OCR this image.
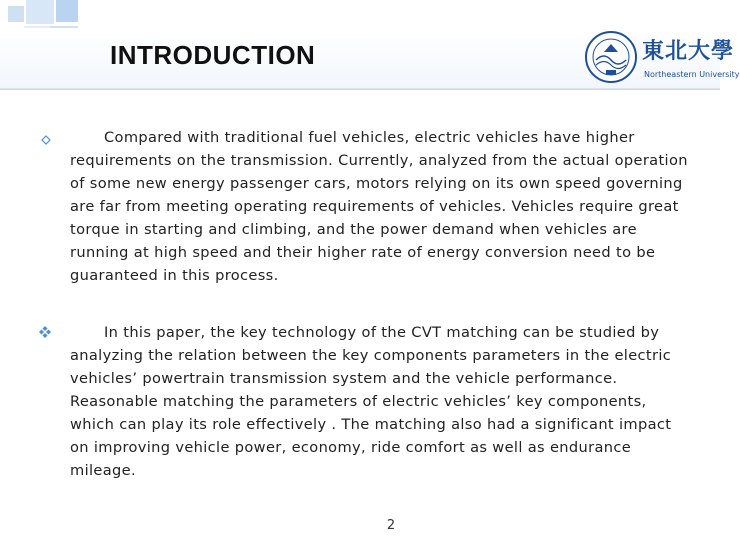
INTRODUCTION	東北大學
Northeastern University
Compared with traditional fuel vehicles, electric vehicles have higher requirements on the transmission. Currently, analyzed from the actual operation of some new energy passenger cars, motors relying on its own speed governing are far from meeting operating requirements of vehicles. Vehicles require great torque in starting and climbing, and the power demand when vehicles are running at high speed and their higher rate of energy conversion need to be guaranteed in this process.
In this paper, the key technology of the CVT matching can be studied by analyzing the relation between the key components parameters in the electric vehicles’ powertrain transmission system and the vehicle performance. Reasonable matching the parameters of electric vehicles’ key components, which can play its role effectively . The matching also had a significant impact on improving vehicle power, economy, ride comfort as well as endurance mileage.
2
